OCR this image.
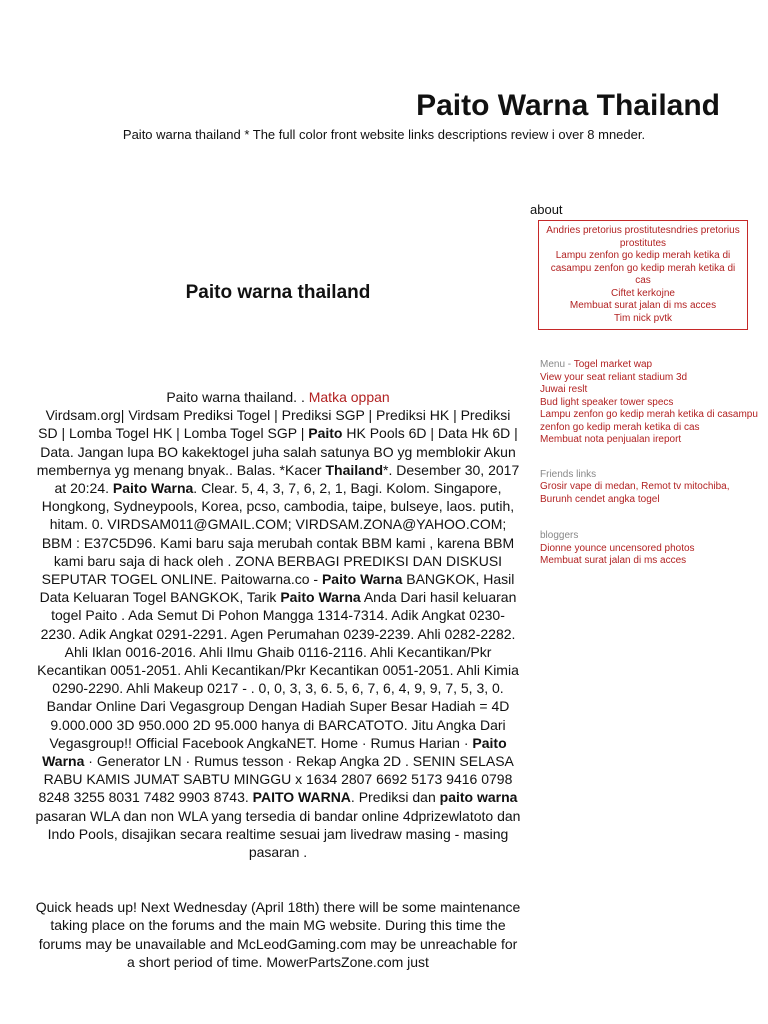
Paito Warna Thailand

Paito warna thailand * The full color front website links descriptions review i over 8 mneder.

Paito warna thailand

Paito warna thailand. . Matka oppan
Virdsam.org| Virdsam Prediksi Togel | Prediksi SGP | Prediksi HK | Prediksi SD | Lomba Togel HK | Lomba Togel SGP | Paito HK Pools 6D | Data Hk 6D | Data. Jangan lupa BO kakektogel juha salah satunya BO yg memblokir Akun membernya yg menang bnyak.. Balas. *Kacer Thailand*. Desember 30, 2017 at 20:24. Paito Warna. Clear. 5, 4, 3, 7, 6, 2, 1, Bagi. Kolom. Singapore, Hongkong, Sydneypools, Korea, pcso, cambodia, taipe, bulseye, laos. putih, hitam. 0. VIRDSAM011@GMAIL.COM; VIRDSAM.ZONA@YAHOO.COM; BBM : E37C5D96. Kami baru saja merubah contak BBM kami , karena BBM kami baru saja di hack oleh . ZONA BERBAGI PREDIKSI DAN DISKUSI SEPUTAR TOGEL ONLINE. Paitowarna.co - Paito Warna BANGKOK, Hasil Data Keluaran Togel BANGKOK, Tarik Paito Warna Anda Dari hasil keluaran togel Paito . Ada Semut Di Pohon Mangga 1314-7314. Adik Angkat 0230-2230. Adik Angkat 0291-2291. Agen Perumahan 0239-2239. Ahli 0282-2282. Ahli Iklan 0016-2016. Ahli Ilmu Ghaib 0116-2116. Ahli Kecantikan/Pkr Kecantikan 0051-2051. Ahli Kecantikan/Pkr Kecantikan 0051-2051. Ahli Kimia 0290-2290. Ahli Makeup 0217 - . 0, 0, 3, 3, 6. 5, 6, 7, 6, 4, 9, 9, 7, 5, 3, 0. Bandar Online Dari Vegasgroup Dengan Hadiah Super Besar Hadiah = 4D 9.000.000 3D 950.000 2D 95.000 hanya di BARCATOTO. Jitu Angka Dari Vegasgroup!! Official Facebook AngkaNET. Home · Rumus Harian · Paito Warna · Generator LN · Rumus tesson · Rekap Angka 2D . SENIN SELASA RABU KAMIS JUMAT SABTU MINGGU x 1634 2807 6692 5173 9416 0798 8248 3255 8031 7482 9903 8743. PAITO WARNA. Prediksi dan paito warna pasaran WLA dan non WLA yang tersedia di bandar online 4dprizewlatoto dan Indo Pools, disajikan secara realtime sesuai jam livedraw masing - masing pasaran .

Quick heads up! Next Wednesday (April 18th) there will be some maintenance taking place on the forums and the main MG website. During this time the forums may be unavailable and McLeodGaming.com may be unreachable for a short period of time. MowerPartsZone.com just

about
Andries pretorius prostitutesndries pretorius prostitutes
Lampu zenfon go kedip merah ketika di casampu zenfon go kedip merah ketika di cas
Ciftet kerkojne
Membuat surat jalan di ms acces
Tim nick pvtk
Menu - Togel market wap
View your seat reliant stadium 3d
Juwai reslt
Bud light speaker tower specs
Lampu zenfon go kedip merah ketika di casampu zenfon go kedip merah ketika di cas
Membuat nota penjualan ireport
Friends links
Grosir vape di medan, Remot tv mitochiba, Burunh cendet angka togel
bloggers
Dionne younce uncensored photos
Membuat surat jalan di ms acces
